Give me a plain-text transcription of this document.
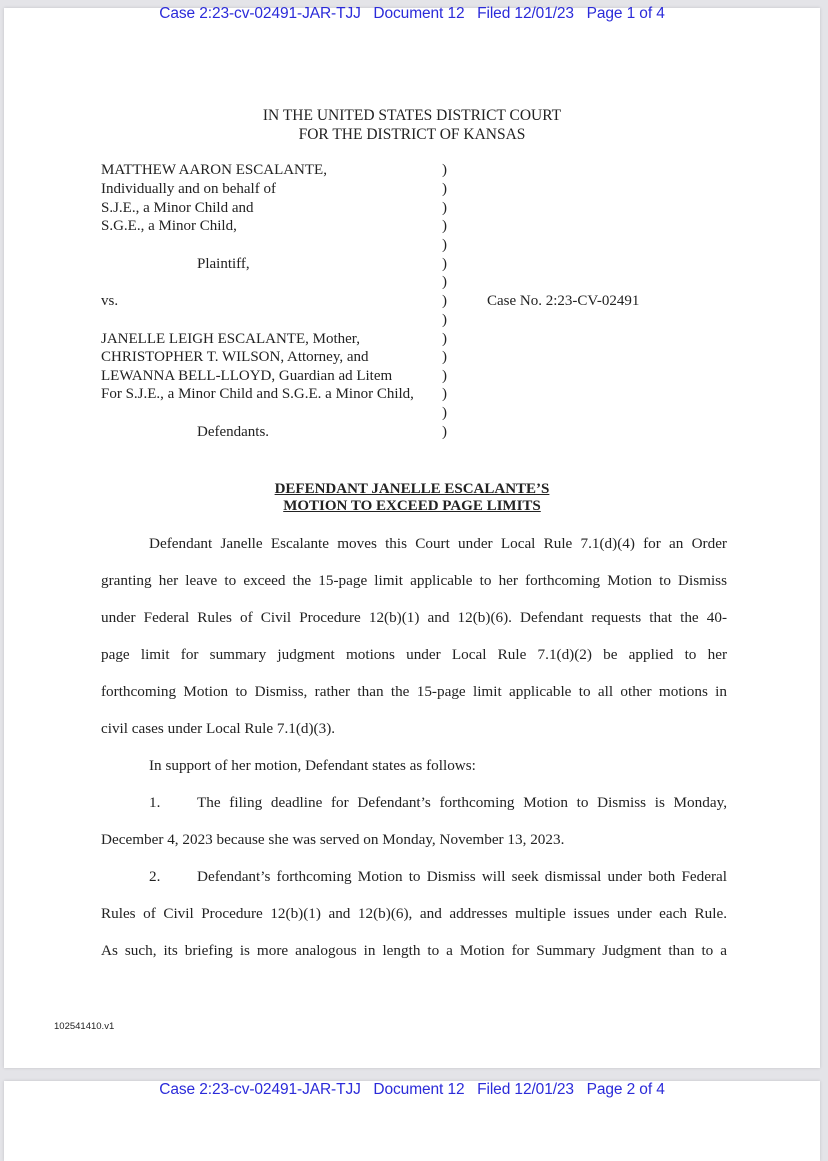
Case 2:23-cv-02491-JAR-TJJ   Document 12   Filed 12/01/23   Page 1 of 4
IN THE UNITED STATES DISTRICT COURT
FOR THE DISTRICT OF KANSAS
MATTHEW AARON ESCALANTE,
Individually and on behalf of
S.J.E., a Minor Child and
S.G.E., a Minor Child,
Plaintiff,
vs.	Case No. 2:23-CV-02491
JANELLE LEIGH ESCALANTE, Mother,
CHRISTOPHER T. WILSON, Attorney, and
LEWANNA BELL-LLOYD, Guardian ad Litem
For S.J.E., a Minor Child and S.G.E. a Minor Child,
Defendants.
)
)
)
)
)
)
)
)
)
)
)
)
)
)
)
DEFENDANT JANELLE ESCALANTE’S
MOTION TO EXCEED PAGE LIMITS
Defendant Janelle Escalante moves this Court under Local Rule 7.1(d)(4) for an Order
granting her leave to exceed the 15-page limit applicable to her forthcoming Motion to Dismiss
under Federal Rules of Civil Procedure 12(b)(1) and 12(b)(6). Defendant requests that the 40-
page limit for summary judgment motions under Local Rule 7.1(d)(2) be applied to her
forthcoming Motion to Dismiss, rather than the 15-page limit applicable to all other motions in
civil cases under Local Rule 7.1(d)(3).
In support of her motion, Defendant states as follows:
1. The filing deadline for Defendant’s forthcoming Motion to Dismiss is Monday,
December 4, 2023 because she was served on Monday, November 13, 2023.
2. Defendant’s forthcoming Motion to Dismiss will seek dismissal under both Federal
Rules of Civil Procedure 12(b)(1) and 12(b)(6), and addresses multiple issues under each Rule.
As such, its briefing is more analogous in length to a Motion for Summary Judgment than to a
102541410.v1
Case 2:23-cv-02491-JAR-TJJ   Document 12   Filed 12/01/23   Page 2 of 4
